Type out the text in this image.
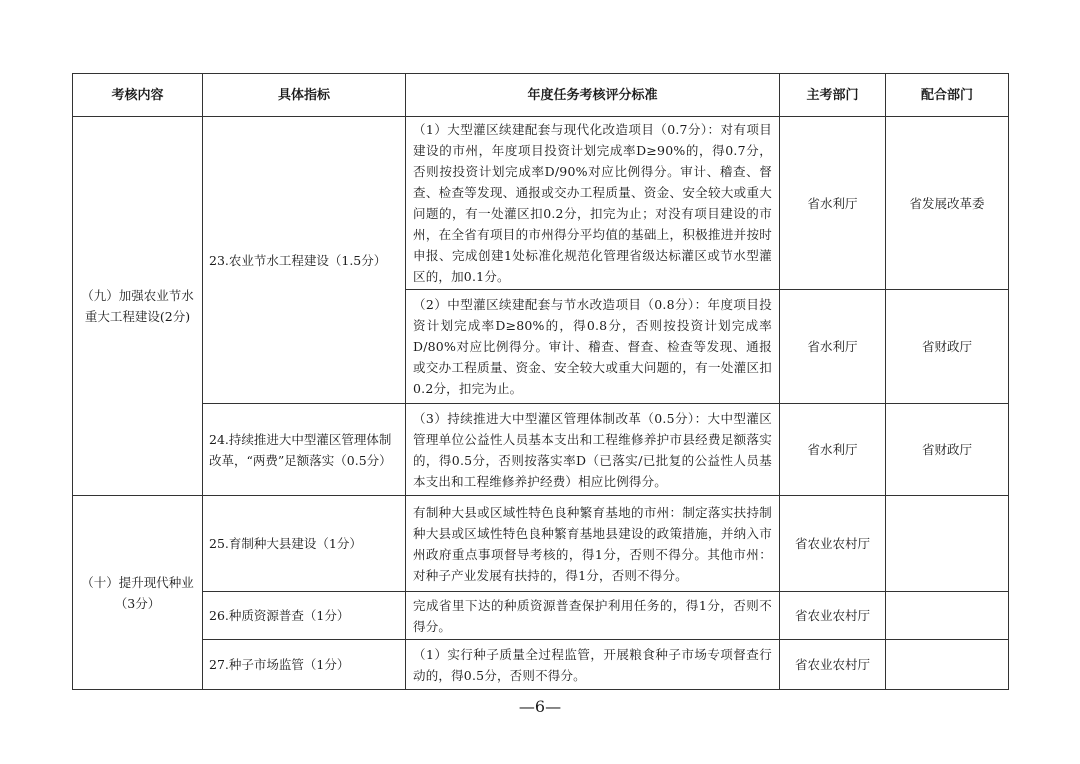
考核内容	具体指标	年度任务考核评分标准	主考部门	配合部门
（九）加强农业节水重大工程建设(2分)	23.农业节水工程建设（1.5分）	（1）大型灌区续建配套与现代化改造项目（0.7分）：对有项目建设的市州，年度项目投资计划完成率D≥90%的，得0.7分，否则按投资计划完成率D/90%对应比例得分。审计、稽查、督查、检查等发现、通报或交办工程质量、资金、安全较大或重大问题的，有一处灌区扣0.2分，扣完为止；对没有项目建设的市州，在全省有项目的市州得分平均值的基础上，积极推进并按时申报、完成创建1处标准化规范化管理省级达标灌区或节水型灌区的，加0.1分。	省水利厅	省发展改革委
		（2）中型灌区续建配套与节水改造项目（0.8分）：年度项目投资计划完成率D≥80%的，得0.8分，否则按投资计划完成率D/80%对应比例得分。审计、稽查、督查、检查等发现、通报或交办工程质量、资金、安全较大或重大问题的，有一处灌区扣0.2分，扣完为止。	省水利厅	省财政厅
	24.持续推进大中型灌区管理体制改革，“两费”足额落实（0.5分）	（3）持续推进大中型灌区管理体制改革（0.5分）：大中型灌区管理单位公益性人员基本支出和工程维修养护市县经费足额落实的，得0.5分，否则按落实率D（已落实/已批复的公益性人员基本支出和工程维修养护经费）相应比例得分。	省水利厅	省财政厅
（十）提升现代种业（3分）	25.育制种大县建设（1分）	有制种大县或区域性特色良种繁育基地的市州：制定落实扶持制种大县或区域性特色良种繁育基地县建设的政策措施，并纳入市州政府重点事项督导考核的，得1分，否则不得分。其他市州：对种子产业发展有扶持的，得1分，否则不得分。	省农业农村厅	
	26.种质资源普查（1分）	完成省里下达的种质资源普查保护利用任务的，得1分，否则不得分。	省农业农村厅	
	27.种子市场监管（1分）	（1）实行种子质量全过程监管，开展粮食种子市场专项督查行动的，得0.5分，否则不得分。	省农业农村厅	
—6—
